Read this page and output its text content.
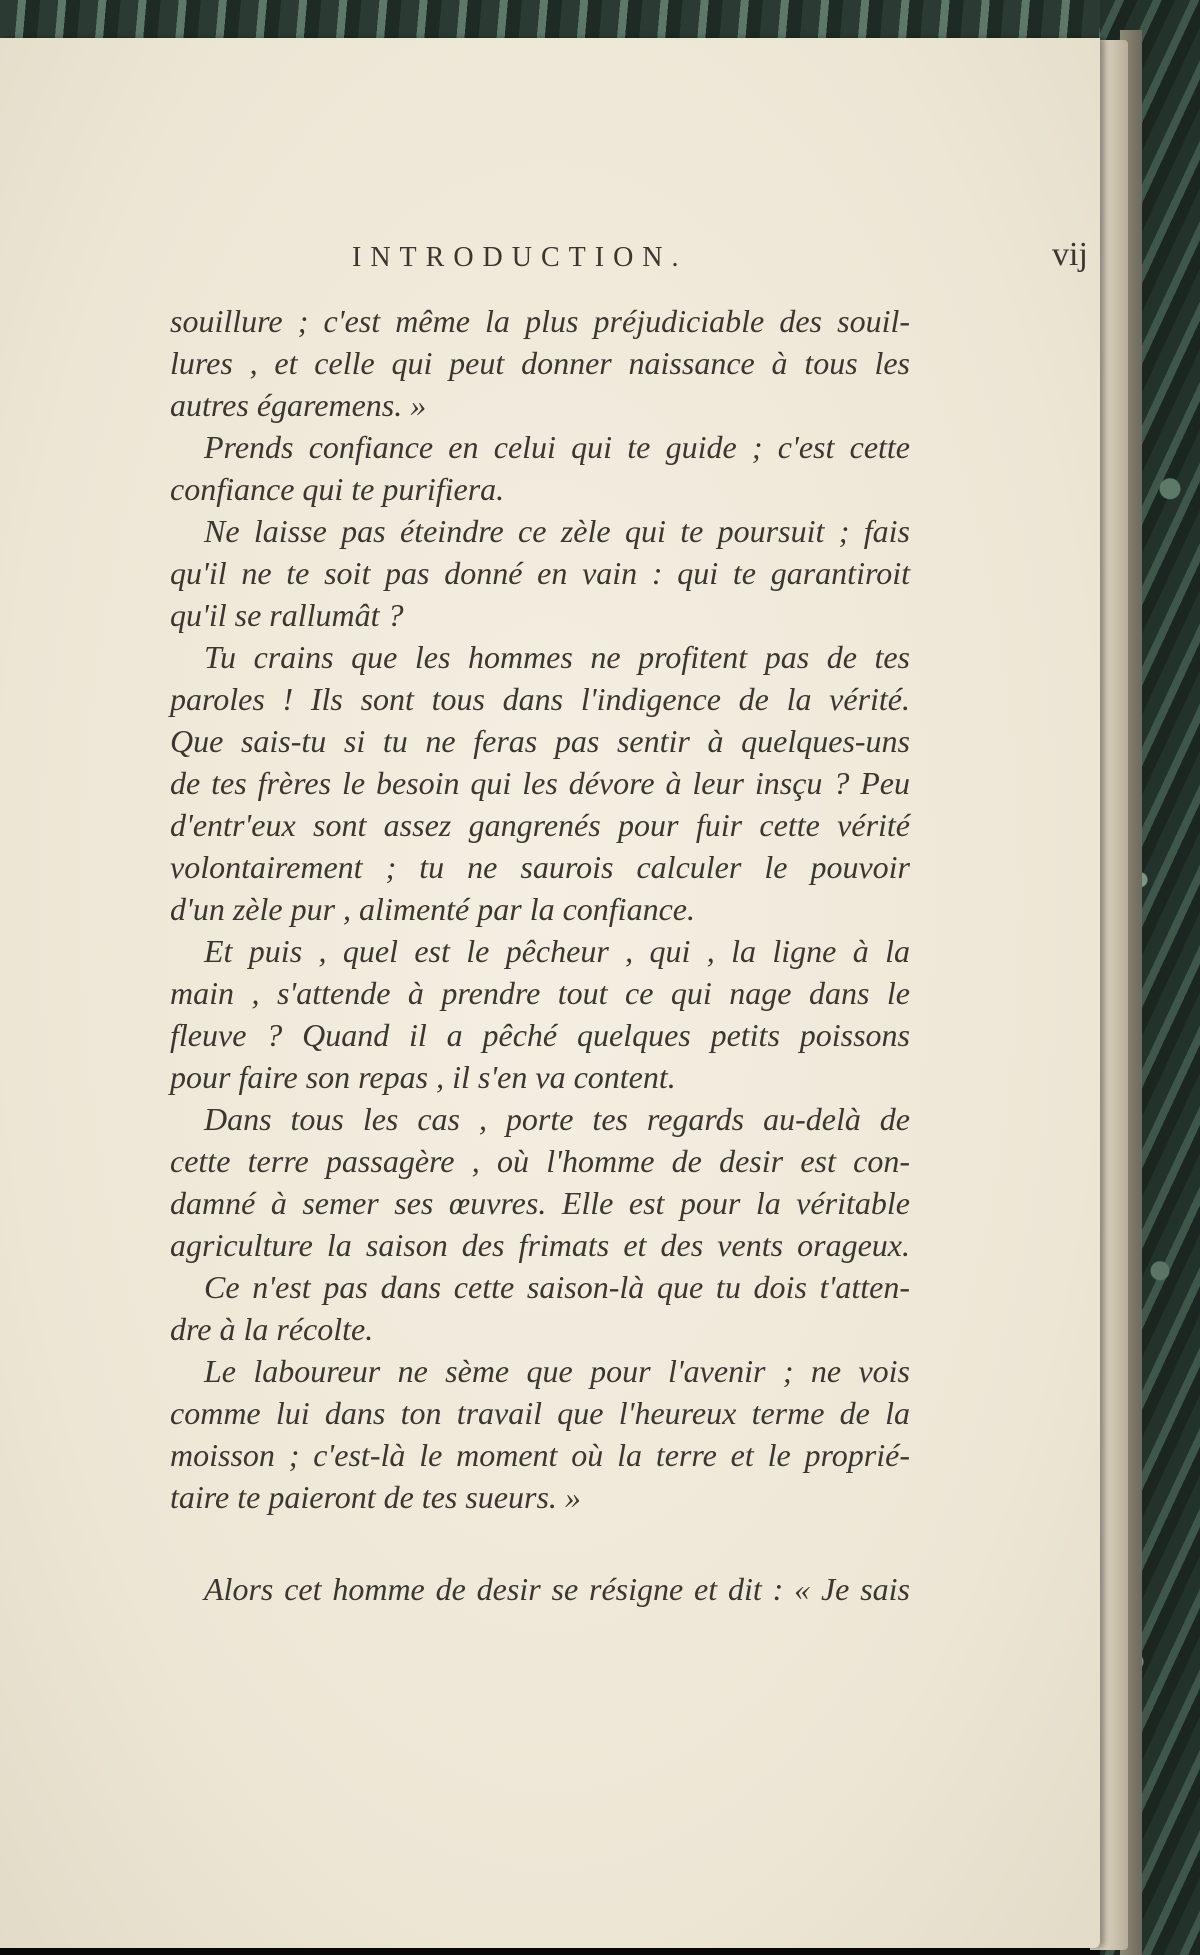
INTRODUCTION.	vij
souillure ; c'est même la plus préjudiciable des souil-
lures , et celle qui peut donner naissance à tous les
autres égaremens. »
Prends confiance en celui qui te guide ; c'est cette
confiance qui te purifiera.
Ne laisse pas éteindre ce zèle qui te poursuit ; fais
qu'il ne te soit pas donné en vain : qui te garantiroit
qu'il se rallumât ?
Tu crains que les hommes ne profitent pas de tes
paroles ! Ils sont tous dans l'indigence de la vérité.
Que sais-tu si tu ne feras pas sentir à quelques-uns
de tes frères le besoin qui les dévore à leur insçu ? Peu
d'entr'eux sont assez gangrenés pour fuir cette vérité
volontairement ; tu ne saurois calculer le pouvoir
d'un zèle pur , alimenté par la confiance.
Et puis , quel est le pêcheur , qui , la ligne à la
main , s'attende à prendre tout ce qui nage dans le
fleuve ? Quand il a pêché quelques petits poissons
pour faire son repas , il s'en va content.
Dans tous les cas , porte tes regards au-delà de
cette terre passagère , où l'homme de desir est con-
damné à semer ses œuvres. Elle est pour la véritable
agriculture la saison des frimats et des vents orageux.
Ce n'est pas dans cette saison-là que tu dois t'atten-
dre à la récolte.
Le laboureur ne sème que pour l'avenir ; ne vois
comme lui dans ton travail que l'heureux terme de la
moisson ; c'est-là le moment où la terre et le proprié-
taire te paieront de tes sueurs. »
Alors cet homme de desir se résigne et dit : « Je sais
